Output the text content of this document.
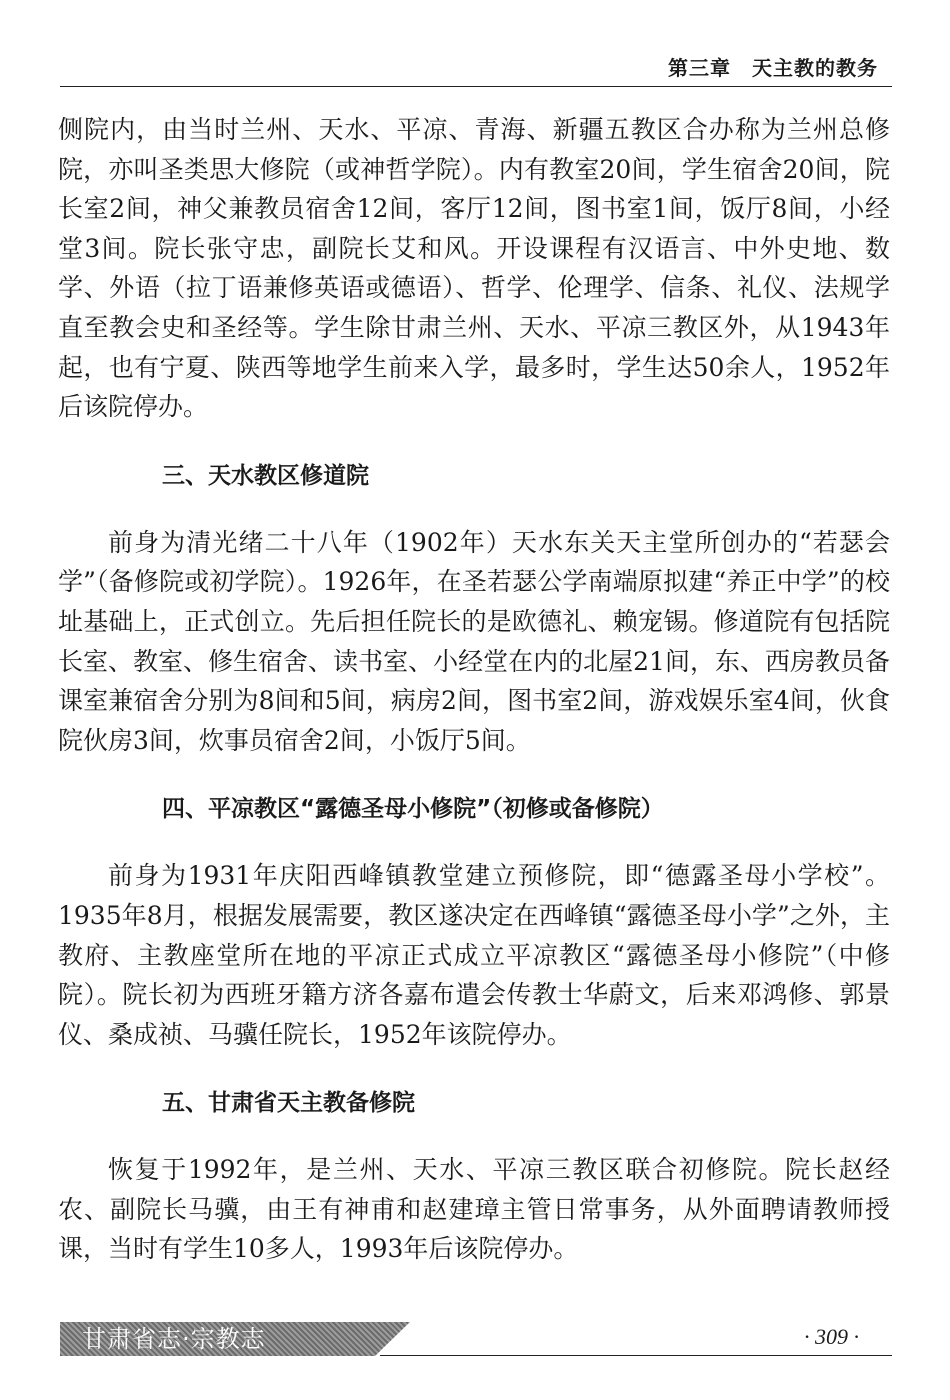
第三章　天主教的教务

侧院内，由当时兰州、天水、平凉、青海、新疆五教区合办称为兰州总修院，亦叫圣类思大修院（或神哲学院）。内有教室20间，学生宿舍20间，院长室2间，神父兼教员宿舍12间，客厅12间，图书室1间，饭厅8间，小经堂3间。院长张守忠，副院长艾和风。开设课程有汉语言、中外史地、数学、外语（拉丁语兼修英语或德语）、哲学、伦理学、信条、礼仪、法规学直至教会史和圣经等。学生除甘肃兰州、天水、平凉三教区外，从1943年起，也有宁夏、陕西等地学生前来入学，最多时，学生达50余人，1952年后该院停办。

三、天水教区修道院

前身为清光绪二十八年（1902年）天水东关天主堂所创办的“若瑟会学”（备修院或初学院）。1926年，在圣若瑟公学南端原拟建“养正中学”的校址基础上，正式创立。先后担任院长的是欧德礼、赖宠锡。修道院有包括院长室、教室、修生宿舍、读书室、小经堂在内的北屋21间，东、西房教员备课室兼宿舍分别为8间和5间，病房2间，图书室2间，游戏娱乐室4间，伙食院伙房3间，炊事员宿舍2间，小饭厅5间。

四、平凉教区“露德圣母小修院”（初修或备修院）

前身为1931年庆阳西峰镇教堂建立预修院，即“德露圣母小学校”。1935年8月，根据发展需要，教区遂决定在西峰镇“露德圣母小学”之外，主教府、主教座堂所在地的平凉正式成立平凉教区“露德圣母小修院”（中修院）。院长初为西班牙籍方济各嘉布遣会传教士华蔚文，后来邓鸿修、郭景仪、桑成祯、马骥任院长，1952年该院停办。

五、甘肃省天主教备修院

恢复于1992年，是兰州、天水、平凉三教区联合初修院。院长赵经农、副院长马骥，由王有神甫和赵建璋主管日常事务，从外面聘请教师授课，当时有学生10多人，1993年后该院停办。

甘肃省志·宗教志	· 309 ·
